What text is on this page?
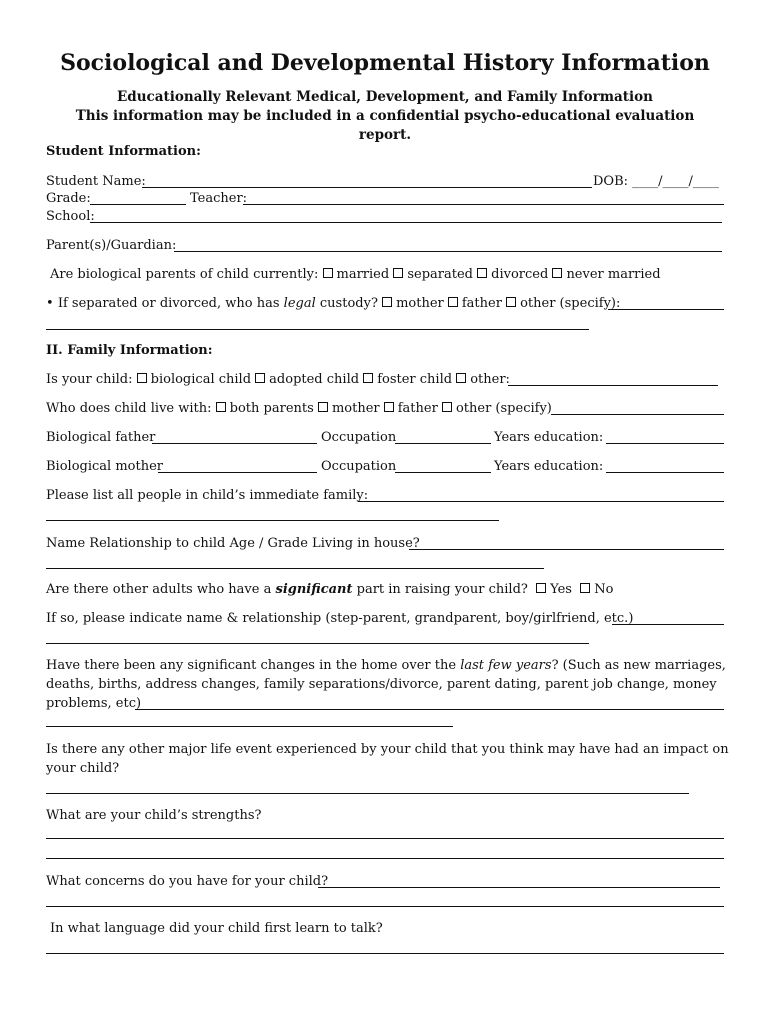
Sociological and Developmental History Information
Educationally Relevant Medical, Development, and Family Information
This information may be included in a confidential psycho-educational evaluation
report.
Student Information:
Student Name:	DOB: ____/____/____
Grade:	Teacher:
School:
Parent(s)/Guardian:
Are biological parents of child currently: married separated divorced never married
• If separated or divorced, who has legal custody? mother father other (specify):
II. Family Information:
Is your child: biological child adopted child foster child other:
Who does child live with: both parents mother father other (specify)
Biological father	Occupation	Years education:
Biological mother	Occupation	Years education:
Please list all people in child’s immediate family:
Name Relationship to child Age / Grade Living in house?
Are there other adults who have a significant part in raising your child? Yes No
If so, please indicate name & relationship (step-parent, grandparent, boy/girlfriend, etc.)
Have there been any significant changes in the home over the last few years? (Such as new marriages,
deaths, births, address changes, family separations/divorce, parent dating, parent job change, money
problems, etc)
Is there any other major life event experienced by your child that you think may have had an impact on
your child?
What are your child’s strengths?
What concerns do you have for your child?
In what language did your child first learn to talk?
